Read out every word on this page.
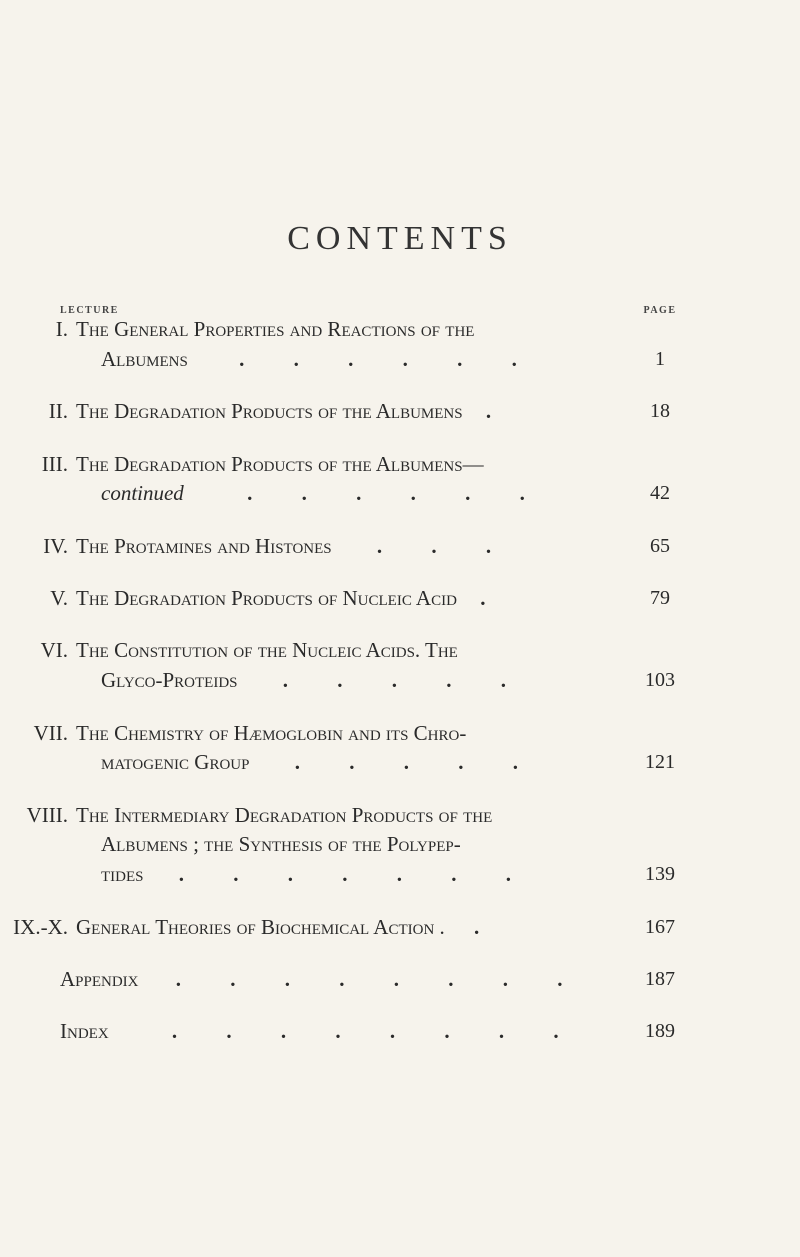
CONTENTS
LECTURE	PAGE
I. The General Properties and Reactions of the
Albumens . . . . . .	1
II. The Degradation Products of the Albumens .	18
III. The Degradation Products of the Albumens—
continued	. . . . . .	42
IV. The Protamines and Histones . . .	65
V. The Degradation Products of Nucleic Acid .	79
VI. The Constitution of the Nucleic Acids. The
Glyco-Proteids . . . . .	103
VII. The Chemistry of Hæmoglobin and its Chro-
matogenic Group . . . . .	121
VIII. The Intermediary Degradation Products of the
Albumens ; the Synthesis of the Polypep-
tides . . . . . . .	139
IX.-X. General Theories of Biochemical Action . .	167
Appendix . . . . . . . .	187
Index	. . . . . . . .	189
